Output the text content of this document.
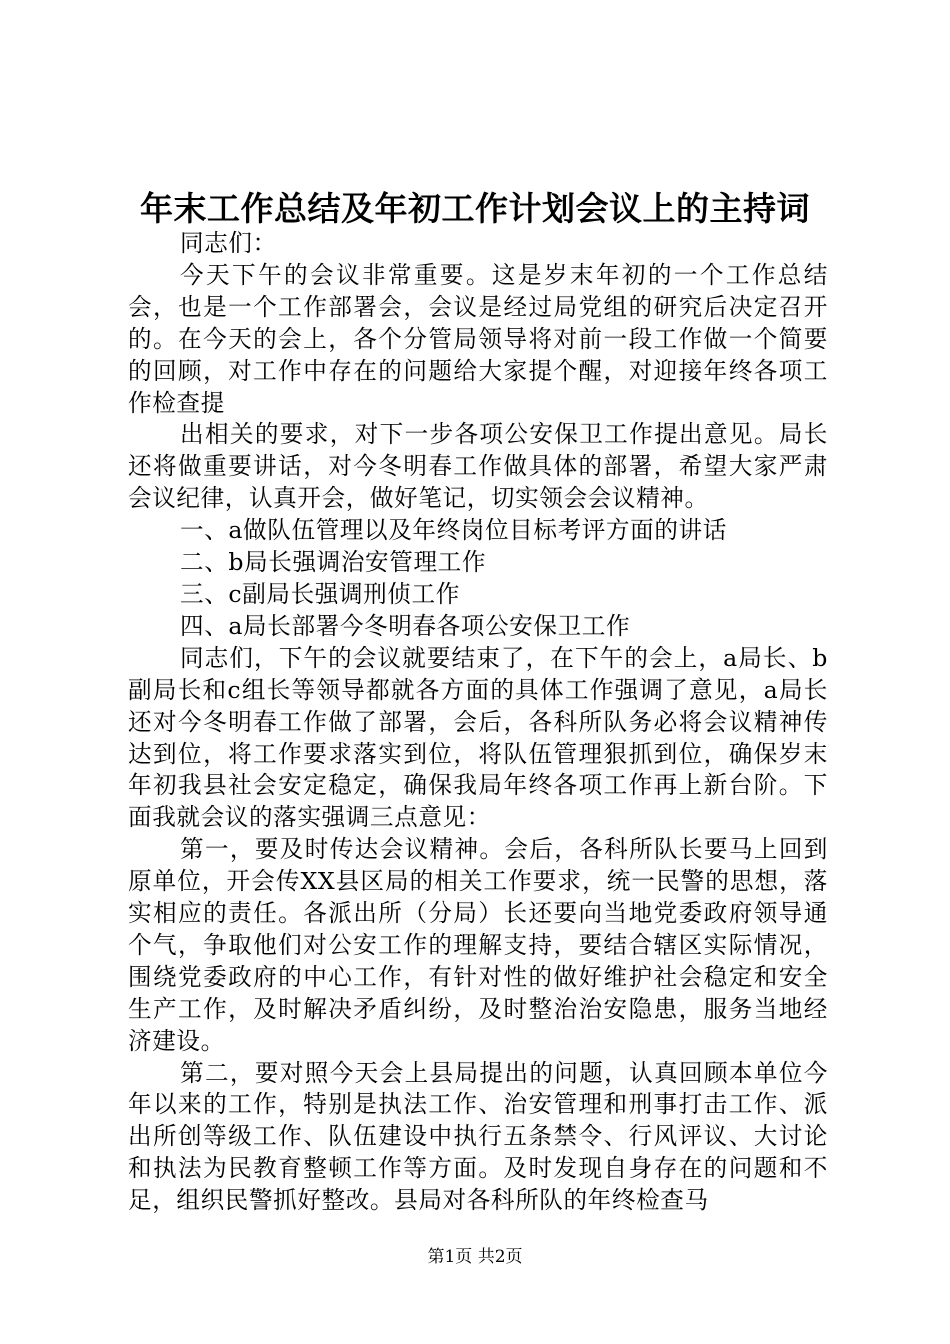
年末工作总结及年初工作计划会议上的主持词

同志们：

今天下午的会议非常重要。这是岁末年初的一个工作总结会，也是一个工作部署会，会议是经过局党组的研究后决定召开的。在今天的会上，各个分管局领导将对前一段工作做一个简要的回顾，对工作中存在的问题给大家提个醒，对迎接年终各项工作检查提

出相关的要求，对下一步各项公安保卫工作提出意见。局长还将做重要讲话，对今冬明春工作做具体的部署，希望大家严肃会议纪律，认真开会，做好笔记，切实领会会议精神。

一、a做队伍管理以及年终岗位目标考评方面的讲话

二、b局长强调治安管理工作

三、c副局长强调刑侦工作

四、a局长部署今冬明春各项公安保卫工作

同志们，下午的会议就要结束了，在下午的会上，a局长、b副局长和c组长等领导都就各方面的具体工作强调了意见，a局长还对今冬明春工作做了部署，会后，各科所队务必将会议精神传达到位，将工作要求落实到位，将队伍管理狠抓到位，确保岁末年初我县社会安定稳定，确保我局年终各项工作再上新台阶。下面我就会议的落实强调三点意见：

第一，要及时传达会议精神。会后，各科所队长要马上回到原单位，开会传XX县区局的相关工作要求，统一民警的思想，落实相应的责任。各派出所（分局）长还要向当地党委政府领导通个气，争取他们对公安工作的理解支持，要结合辖区实际情况，围绕党委政府的中心工作，有针对性的做好维护社会稳定和安全生产工作，及时解决矛盾纠纷，及时整治治安隐患，服务当地经济建设。

第二，要对照今天会上县局提出的问题，认真回顾本单位今年以来的工作，特别是执法工作、治安管理和刑事打击工作、派出所创等级工作、队伍建设中执行五条禁令、行风评议、大讨论和执法为民教育整顿工作等方面。及时发现自身存在的问题和不足，组织民警抓好整改。县局对各科所队的年终检查马

第1页 共2页
